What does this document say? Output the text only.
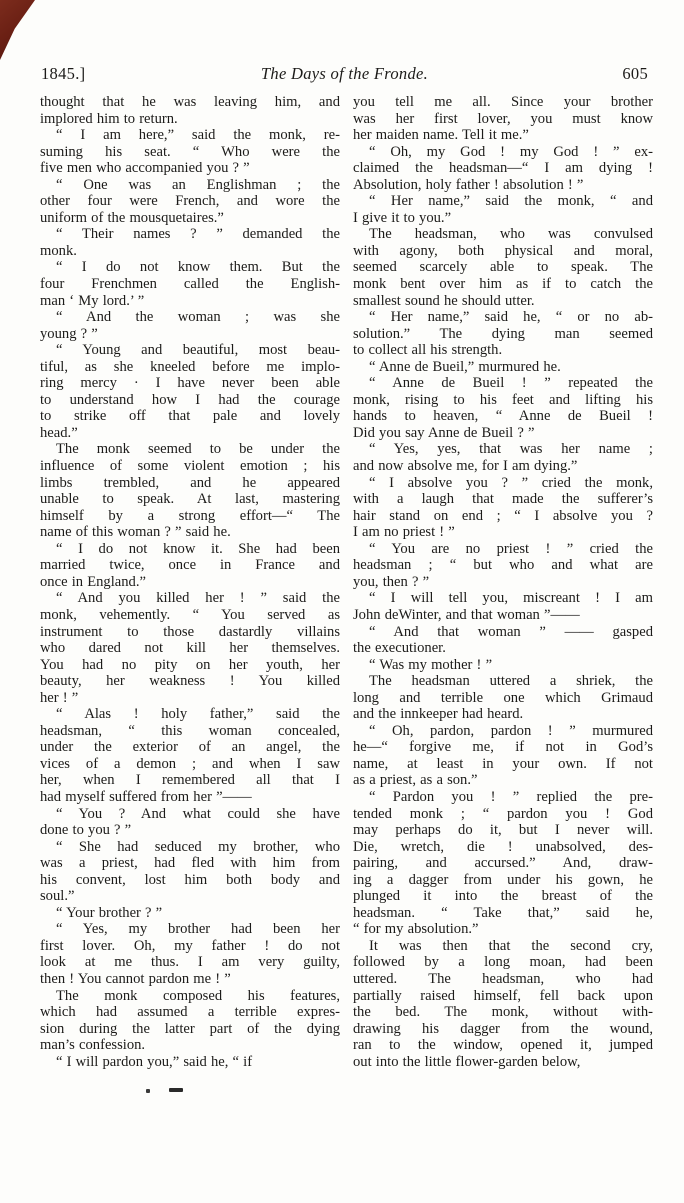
1845.]	The Days of the Fronde.	605
thought that he was leaving him, and
implored him to return.
“ I am here,” said the monk, re-
suming his seat. “ Who were the
five men who accompanied you ? ”
“ One was an Englishman ; the
other four were French, and wore the
uniform of the mousquetaires.”
“ Their names ? ” demanded the
monk.
“ I do not know them. But the
four Frenchmen called the English-
man ‘ My lord.’ ”
“ And the woman ; was she
young ? ”
“ Young and beautiful, most beau-
tiful, as she kneeled before me implo-
ring mercy · I have never been able
to understand how I had the courage
to strike off that pale and lovely
head.”
The monk seemed to be under the
influence of some violent emotion ; his
limbs trembled, and he appeared
unable to speak. At last, mastering
himself by a strong effort—“ The
name of this woman ? ” said he.
“ I do not know it. She had been
married twice, once in France and
once in England.”
“ And you killed her ! ” said the
monk, vehemently. “ You served as
instrument to those dastardly villains
who dared not kill her themselves.
You had no pity on her youth, her
beauty, her weakness ! You killed
her ! ”
“ Alas ! holy father,” said the
headsman, “ this woman concealed,
under the exterior of an angel, the
vices of a demon ; and when I saw
her, when I remembered all that I
had myself suffered from her ”——
“ You ? And what could she have
done to you ? ”
“ She had seduced my brother, who
was a priest, had fled with him from
his convent, lost him both body and
soul.”
“ Your brother ? ”
“ Yes, my brother had been her
first lover. Oh, my father ! do not
look at me thus. I am very guilty,
then ! You cannot pardon me ! ”
The monk composed his features,
which had assumed a terrible expres-
sion during the latter part of the dying
man’s confession.
“ I will pardon you,” said he, “ if
you tell me all. Since your brother
was her first lover, you must know
her maiden name. Tell it me.”
“ Oh, my God ! my God ! ” ex-
claimed the headsman—“ I am dying !
Absolution, holy father ! absolution ! ”
“ Her name,” said the monk, “ and
I give it to you.”
The headsman, who was convulsed
with agony, both physical and moral,
seemed scarcely able to speak. The
monk bent over him as if to catch the
smallest sound he should utter.
“ Her name,” said he, “ or no ab-
solution.” The dying man seemed
to collect all his strength.
“ Anne de Bueil,” murmured he.
“ Anne de Bueil ! ” repeated the
monk, rising to his feet and lifting his
hands to heaven, “ Anne de Bueil !
Did you say Anne de Bueil ? ”
“ Yes, yes, that was her name ;
and now absolve me, for I am dying.”
“ I absolve you ? ” cried the monk,
with a laugh that made the sufferer’s
hair stand on end ; “ I absolve you ?
I am no priest ! ”
“ You are no priest ! ” cried the
headsman ; “ but who and what are
you, then ? ”
“ I will tell you, miscreant ! I am
John deWinter, and that woman ”——
“ And that woman ” —— gasped
the executioner.
“ Was my mother ! ”
The headsman uttered a shriek, the
long and terrible one which Grimaud
and the innkeeper had heard.
“ Oh, pardon, pardon ! ” murmured
he—“ forgive me, if not in God’s
name, at least in your own. If not
as a priest, as a son.”
“ Pardon you ! ” replied the pre-
tended monk ; “ pardon you ! God
may perhaps do it, but I never will.
Die, wretch, die ! unabsolved, des-
pairing, and accursed.” And, draw-
ing a dagger from under his gown, he
plunged it into the breast of the
headsman. “ Take that,” said he,
“ for my absolution.”
It was then that the second cry,
followed by a long moan, had been
uttered. The headsman, who had
partially raised himself, fell back upon
the bed. The monk, without with-
drawing his dagger from the wound,
ran to the window, opened it, jumped
out into the little flower-garden below,
